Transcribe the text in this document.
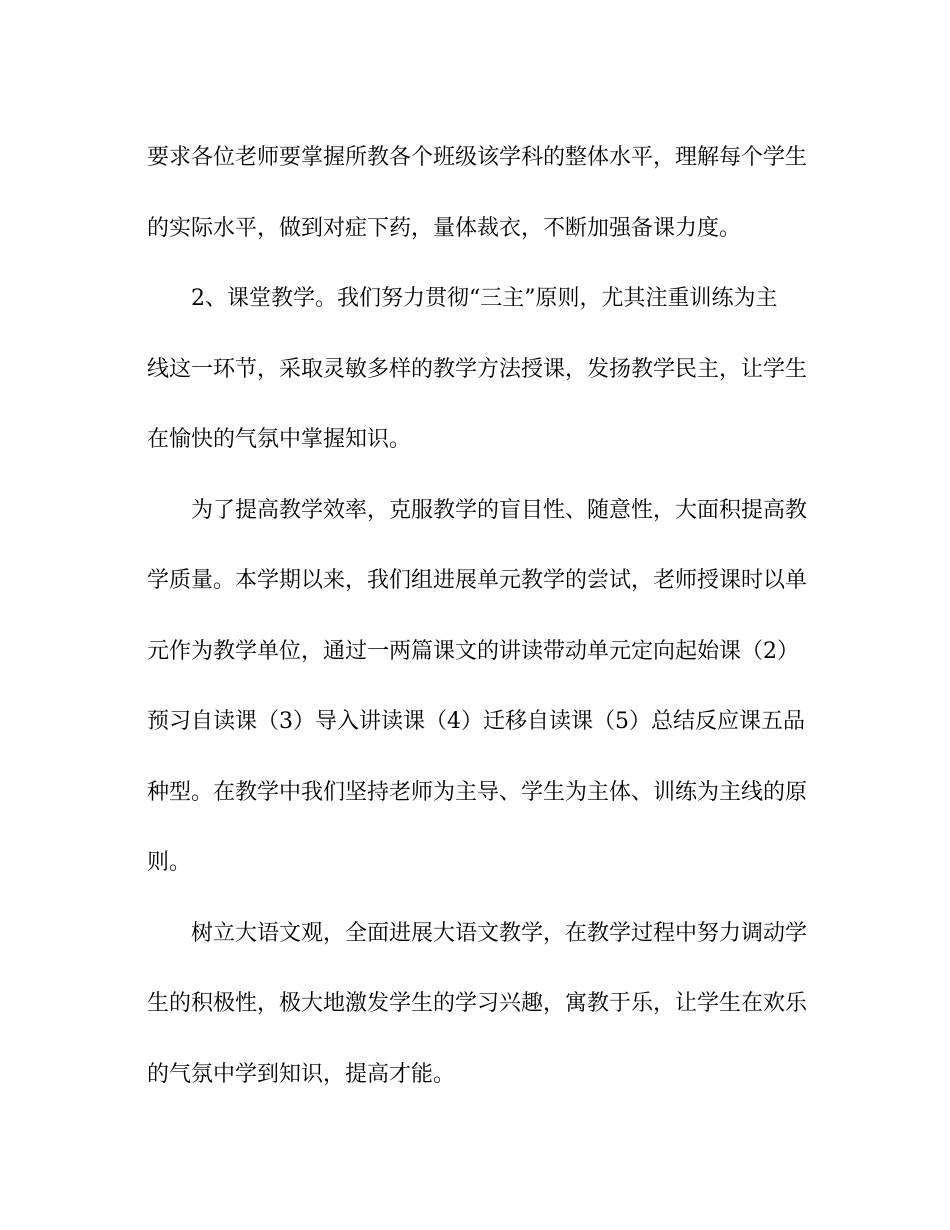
要求各位老师要掌握所教各个班级该学科的整体水平，理解每个学生
的实际水平，做到对症下药，量体裁衣，不断加强备课力度。
2、课堂教学。我们努力贯彻“三主”原则，尤其注重训练为主
线这一环节，采取灵敏多样的教学方法授课，发扬教学民主，让学生
在愉快的气氛中掌握知识。
为了提高教学效率，克服教学的盲目性、随意性，大面积提高教
学质量。本学期以来，我们组进展单元教学的尝试，老师授课时以单
元作为教学单位，通过一两篇课文的讲读带动单元定向起始课（2）
预习自读课（3）导入讲读课（4）迁移自读课（5）总结反应课五品
种型。在教学中我们坚持老师为主导、学生为主体、训练为主线的原
则。
树立大语文观，全面进展大语文教学，在教学过程中努力调动学
生的积极性，极大地激发学生的学习兴趣，寓教于乐，让学生在欢乐
的气氛中学到知识，提高才能。
